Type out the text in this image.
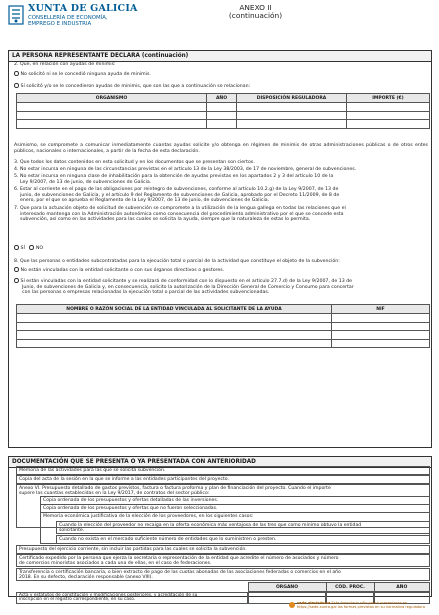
XUNTA DE GALICIA
CONSELLERÍA DE ECONOMÍA,
EMPREGO E INDUSTRIA
ANEXO II
(continuación)
LA PERSONA REPRESENTANTE DECLARA (continuación)
2. Que, en relación con ayudas de minimis:
No solicitó ni se le concedió ninguna ayuda de minimis.
Sí solicitó y/o se le concedieron ayudas de minimis, que son las que a continuación se relacionan:
ORGANISMO	AÑO	DISPOSICIÓN REGULADORA	IMPORTE (€)

Asimismo, se compromete a comunicar inmediatamente cuantas ayudas solicite y/o obtenga en régimen de minimis de otras administraciones públicas o de otros entes públicos, nacionales o internacionales, a partir de la fecha de esta declaración.
3. Que todos los datos contenidos en esta solicitud y en los documentos que se presentan son ciertos.
4. No estar incursa en ninguna de las circunstancias previstas en el artículo 13 de la Ley 38/2003, de 17 de noviembre, general de subvenciones.
5. No estar incursa en ninguna clase de inhabilitación para la obtención de ayudas previstas en los apartados 2 y 3 del artículo 10 de la
Ley 9/2007, de 13 de junio, de subvenciones de Galicia.
6. Estar al corriente en el pago de las obligaciones por reintegro de subvenciones, conforme al artículo 10.2.g) de la Ley 9/2007, de 13 de
junio, de subvenciones de Galicia, y el artículo 9 del Reglamento de subvenciones de Galicia, aprobado por el Decreto 11/2009, de 8 de
enero, por el que se aprueba el Reglamento de la Ley 9/2007, de 13 de junio, de subvenciones de Galicia.
7. Que para la actuación objeto de solicitud de subvención se compromete a la utilización de la lengua gallega en todas las relaciones que el
interesado mantenga con la Administración autonómica como consecuencia del procedimiento administrativo por el que se concede esta
subvención, así como en las actividades para las cuales se solicita la ayuda, siempre que la naturaleza de estas lo permita.
SÍ NO
8. Que las personas o entidades subcontratadas para la ejecución total o parcial de la actividad que constituye el objeto de la subvención:
No están vinculadas con la entidad solicitante o con sus órganos directivos o gestores.
Sí están vinculadas con la entidad solicitante y se realizará de conformidad con lo dispuesto en el artículo 27.7.d) de la Ley 9/2007, de 13 de
Junio, de subvenciones de Galicia y, en consecuencia, solicito la autorización de la Dirección General de Comercio y Consumo para concertar
con las personas o empresas relacionadas la ejecución total o parcial de las actividades subvencionadas.
NOMBRE O RAZÓN SOCIAL DE LA ENTIDAD VINCULADA AL SOLICITANTE DE LA AYUDA	NIF

DOCUMENTACIÓN QUE SE PRESENTA O YA PRESENTADA CON ANTERIORIDAD
Memoria de las actividades para las que se solicita subvención.
Copia del acta de la sesión en la que se informe a las entidades participantes del proyecto.
Anexo VI. Presupuesto detallado de gastos previstos, factura o factura proforma y plan de financiación del proyecto. Cuando el importe
supere las cuantías establecidas en la Ley 9/2017, de contratos del sector público:
Copia ordenada de los presupuestos y ofertas detalladas de las inversiones.
Copia ordenada de los presupuestos y ofertas que no fueron seleccionadas.
Memoria económica justificativa de la elección de los proveedores, en los siguientes casos:
Cuando la elección del proveedor no recaiga en la oferta económica más ventajosa de las tres que como mínimo obtuvo la entidad
solicitante.
Cuando no exista en el mercado suficiente número de entidades que lo suministren o presten.
Presupuesto del ejercicio corriente, sin incluir las partidas para las cuales se solicita la subvención.
Certificado expedido por la persona que ejerza la secretaría o representación de la entidad que acredite el número de asociados y número
de comercios minoristas asociados a cada una de ellas, en el caso de federaciones.
Transferencia o certificación bancaria, o bien extracto de pago de las cuotas abonadas de las asociaciones federadas o comercios en el año
2018. En su defecto, declaración responsable (anexo VIII).
	ÓRGANO	CÓD. PROC.	AÑO
Acta y estatutos de constitución y modificaciones posteriores, y acreditación de su
inscripción en el registro correspondiente, en su caso.
sede electrónica Este formulario sólo podrá presentarse en
https://sede.xunta.gal las formas previstas en su normativa reguladora
